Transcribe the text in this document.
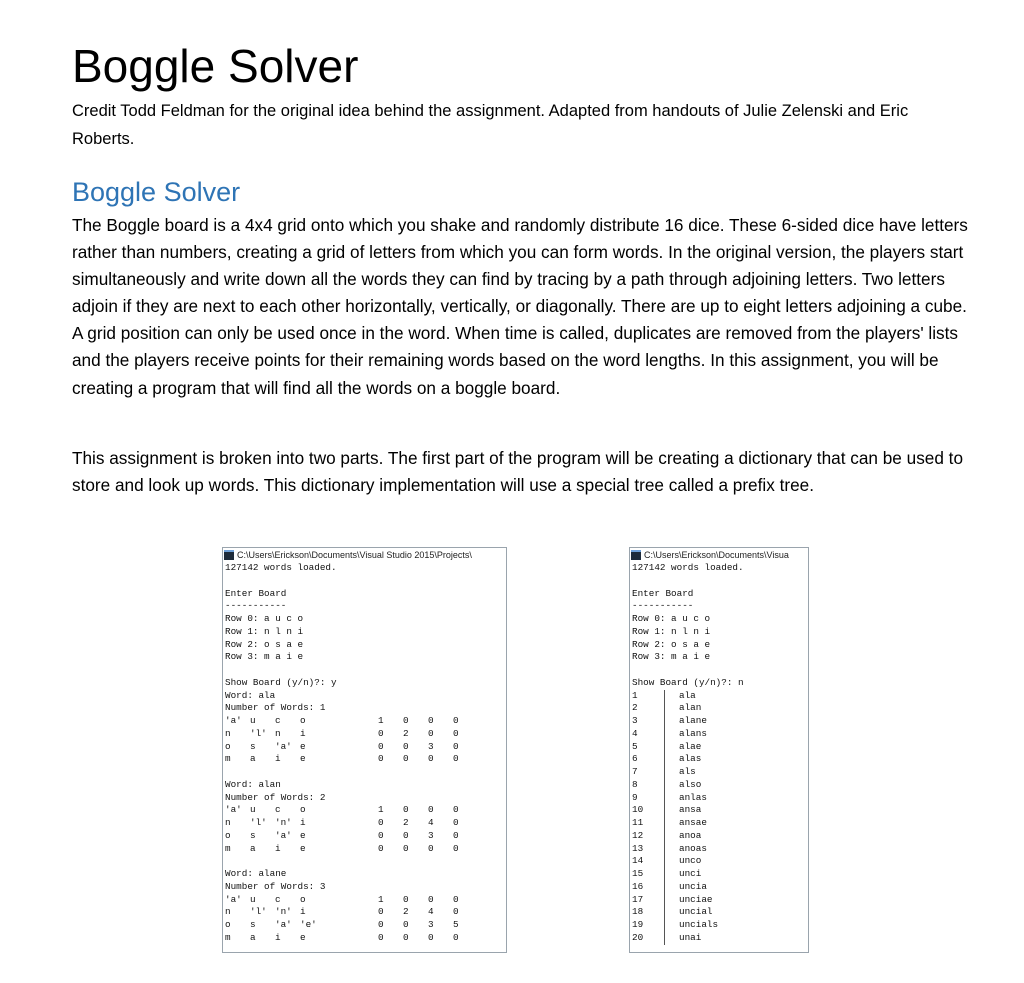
Boggle Solver

Credit Todd Feldman for the original idea behind the assignment. Adapted from handouts of Julie Zelenski and Eric Roberts.

Boggle Solver

The Boggle board is a 4x4 grid onto which you shake and randomly distribute 16 dice. These 6-sided dice have letters rather than numbers, creating a grid of letters from which you can form words. In the original version, the players start simultaneously and write down all the words they can find by tracing by a path through adjoining letters. Two letters adjoin if they are next to each other horizontally, vertically, or diagonally. There are up to eight letters adjoining a cube. A grid position can only be used once in the word. When time is called, duplicates are removed from the players' lists and the players receive points for their remaining words based on the word lengths. In this assignment, you will be creating a program that will find all the words on a boggle board.

This assignment is broken into two parts. The first part of the program will be creating a dictionary that can be used to store and look up words. This dictionary implementation will use a special tree called a prefix tree.

C:\Users\Erickson\Documents\Visual Studio 2015\Projects\
127142 words loaded.
Enter Board
-----------
Row 0: a u c o
Row 1: n l n i
Row 2: o s a e
Row 3: m a i e
Show Board (y/n)?: y
Word: ala
Number of Words: 1
'a' u c o	1 0 0 0
n 'l' n i	0 2 0 0
o s 'a' e	0 0 3 0
m a i e	0 0 0 0
Word: alan
Number of Words: 2
'a' u c o	1 0 0 0
n 'l' 'n' i	0 2 4 0
o s 'a' e	0 0 3 0
m a i e	0 0 0 0
Word: alane
Number of Words: 3
'a' u c o	1 0 0 0
n 'l' 'n' i	0 2 4 0
o s 'a' 'e'	0 0 3 5
m a i e	0 0 0 0
C:\Users\Erickson\Documents\Visua
127142 words loaded.
Enter Board
-----------
Row 0: a u c o
Row 1: n l n i
Row 2: o s a e
Row 3: m a i e
Show Board (y/n)?: n
1	ala
2	alan
3	alane
4	alans
5	alae
6	alas
7	als
8	also
9	anlas
10	ansa
11	ansae
12	anoa
13	anoas
14	unco
15	unci
16	uncia
17	unciae
18	uncial
19	uncials
20	unai
